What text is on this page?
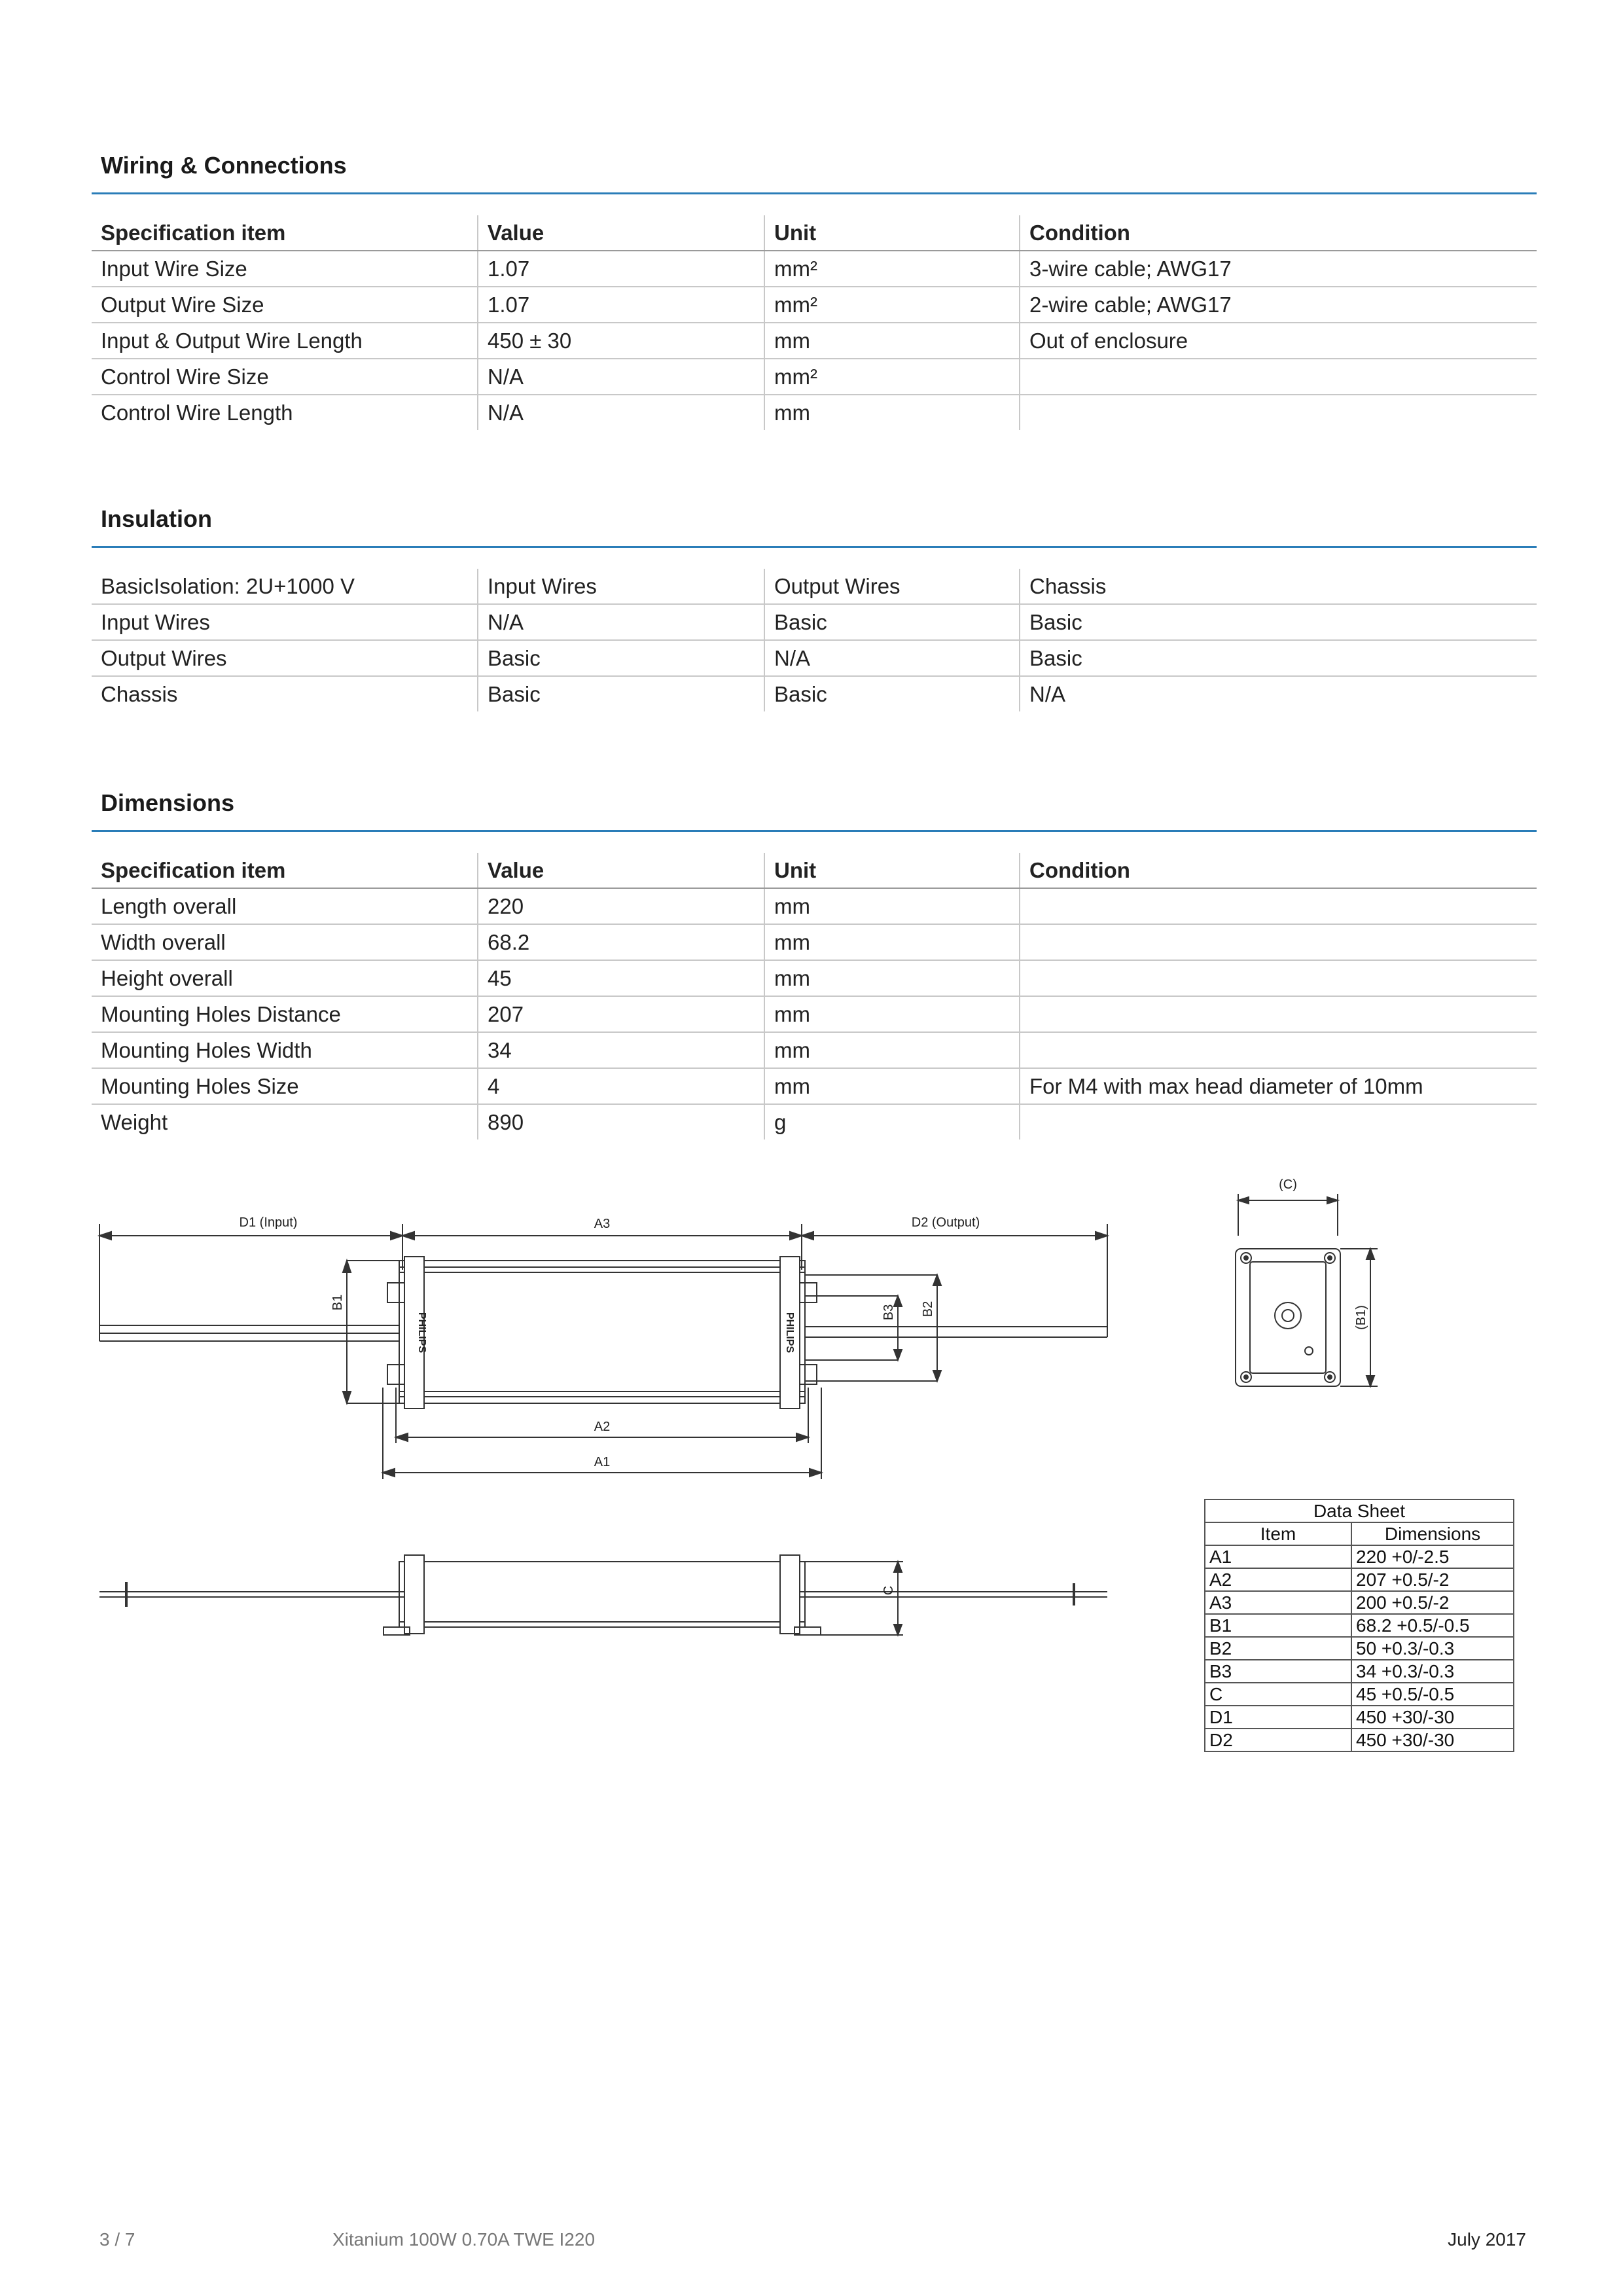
Wiring & Connections
Specification item	Value	Unit	Condition
Input Wire Size	1.07	mm²	3-wire cable; AWG17
Output Wire Size	1.07	mm²	2-wire cable; AWG17
Input & Output Wire Length	450 ± 30	mm	Out of enclosure
Control Wire Size	N/A	mm²	
Control Wire Length	N/A	mm	
Insulation
BasicIsolation: 2U+1000 V	Input Wires	Output Wires	Chassis
Input Wires	N/A	Basic	Basic
Output Wires	Basic	N/A	Basic
Chassis	Basic	Basic	N/A
Dimensions
Specification item	Value	Unit	Condition
Length overall	220	mm	
Width overall	68.2	mm	
Height overall	45	mm	
Mounting Holes Distance	207	mm	
Mounting Holes Width	34	mm	
Mounting Holes Size	4	mm	For M4 with max head diameter of 10mm
Weight	890	g	
D1 (Input)	A3	D2 (Output)
PHILIPS	PHILIPS
B1
B3 B2
A2
A1
(C)
(B1)
C
Data Sheet	
Item	Dimensions
A1	220 +0/-2.5
A2	207 +0.5/-2
A3	200 +0.5/-2
B1	68.2 +0.5/-0.5
B2	50 +0.3/-0.3
B3	34 +0.3/-0.3
C	45 +0.5/-0.5
D1	450 +30/-30
D2	450 +30/-30
3 / 7	Xitanium 100W 0.70A TWE I220	July 2017
